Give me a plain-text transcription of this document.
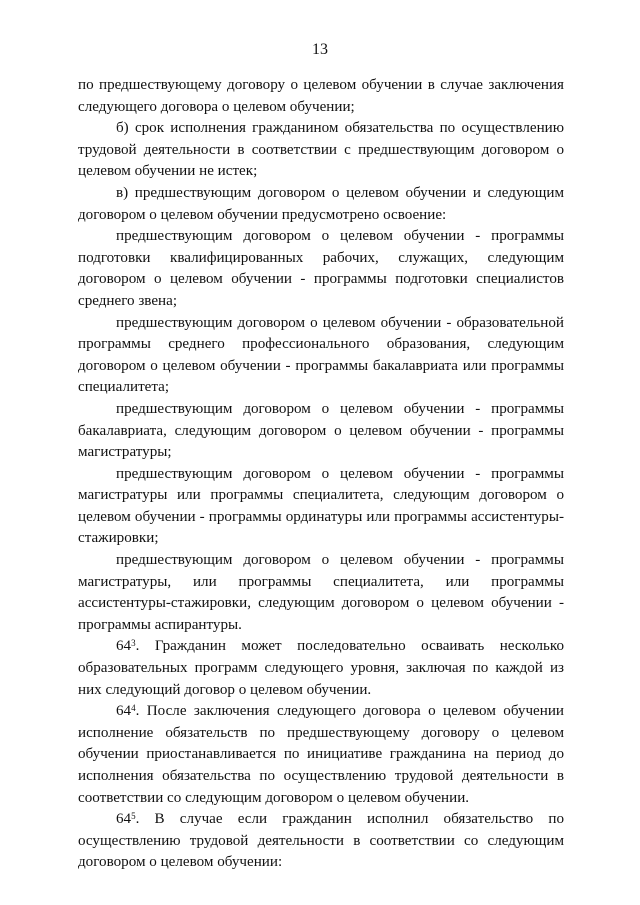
13

по предшествующему договору о целевом обучении в случае заключения следующего договора о целевом обучении;

б) срок исполнения гражданином обязательства по осуществлению трудовой деятельности в соответствии с предшествующим договором о целевом обучении не истек;

в) предшествующим договором о целевом обучении и следующим договором о целевом обучении предусмотрено освоение:

предшествующим договором о целевом обучении - программы подготовки квалифицированных рабочих, служащих, следующим договором о целевом обучении - программы подготовки специалистов среднего звена;

предшествующим договором о целевом обучении - образовательной программы среднего профессионального образования, следующим договором о целевом обучении - программы бакалавриата или программы специалитета;

предшествующим договором о целевом обучении - программы бакалавриата, следующим договором о целевом обучении - программы магистратуры;

предшествующим договором о целевом обучении - программы магистратуры или программы специалитета, следующим договором о целевом обучении - программы ординатуры или программы ассистентуры-стажировки;

предшествующим договором о целевом обучении - программы магистратуры, или программы специалитета, или программы ассистентуры-стажировки, следующим договором о целевом обучении - программы аспирантуры.

$64^3$. Гражданин может последовательно осваивать несколько образовательных программ следующего уровня, заключая по каждой из них следующий договор о целевом обучении.

$64^4$. После заключения следующего договора о целевом обучении исполнение обязательств по предшествующему договору о целевом обучении приостанавливается по инициативе гражданина на период до исполнения обязательства по осуществлению трудовой деятельности в соответствии со следующим договором о целевом обучении.

$64^5$. В случае если гражданин исполнил обязательство по осуществлению трудовой деятельности в соответствии со следующим договором о целевом обучении:
